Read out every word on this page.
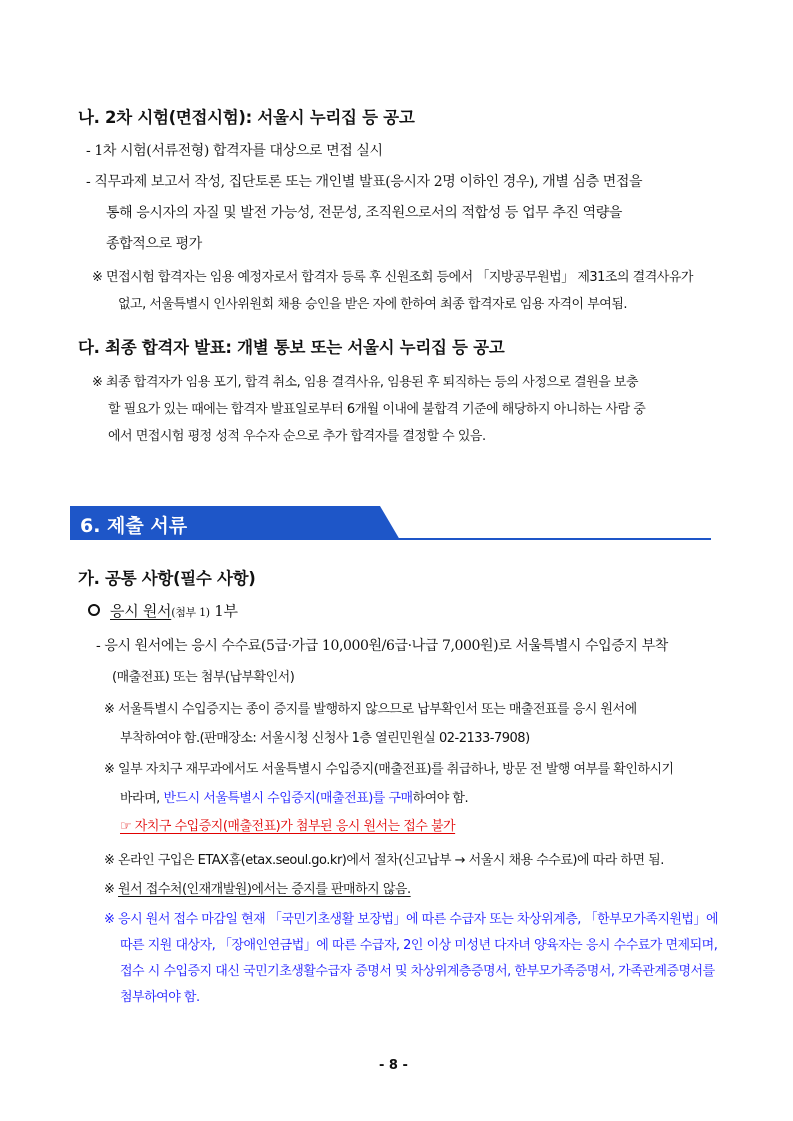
나. 2차 시험(면접시험): 서울시 누리집 등 공고
- 1차 시험(서류전형) 합격자를 대상으로 면접 실시
- 직무과제 보고서 작성, 집단토론 또는 개인별 발표(응시자 2명 이하인 경우), 개별 심층 면접을
통해 응시자의 자질 및 발전 가능성, 전문성, 조직원으로서의 적합성 등 업무 추진 역량을
종합적으로 평가
※ 면접시험 합격자는 임용 예정자로서 합격자 등록 후 신원조회 등에서 「지방공무원법」 제31조의 결격사유가
없고, 서울특별시 인사위원회 채용 승인을 받은 자에 한하여 최종 합격자로 임용 자격이 부여됨.
다. 최종 합격자 발표: 개별 통보 또는 서울시 누리집 등 공고
※ 최종 합격자가 임용 포기, 합격 취소, 임용 결격사유, 임용된 후 퇴직하는 등의 사정으로 결원을 보충
할 필요가 있는 때에는 합격자 발표일로부터 6개월 이내에 불합격 기준에 해당하지 아니하는 사람 중
에서 면접시험 평정 성적 우수자 순으로 추가 합격자를 결정할 수 있음.
6. 제출 서류
가. 공통 사항(필수 사항)
응시 원서(첨부 1) 1부
- 응시 원서에는 응시 수수료(5급·가급 10,000원/6급·나급 7,000원)로 서울특별시 수입증지 부착
(매출전표) 또는 첨부(납부확인서)
※ 서울특별시 수입증지는 종이 증지를 발행하지 않으므로 납부확인서 또는 매출전표를 응시 원서에
부착하여야 함.(판매장소: 서울시청 신청사 1층 열린민원실 02-2133-7908)
※ 일부 자치구 재무과에서도 서울특별시 수입증지(매출전표)를 취급하나, 방문 전 발행 여부를 확인하시기
바라며, 반드시 서울특별시 수입증지(매출전표)를 구매하여야 함.
☞ 자치구 수입증지(매출전표)가 첨부된 응시 원서는 접수 불가
※ 온라인 구입은 ETAX홈(etax.seoul.go.kr)에서 절차(신고납부 → 서울시 채용 수수료)에 따라 하면 됨.
※ 원서 접수처(인재개발원)에서는 증지를 판매하지 않음.
※ 응시 원서 접수 마감일 현재 「국민기초생활 보장법」에 따른 수급자 또는 차상위계층, 「한부모가족지원법」에
따른 지원 대상자, 「장애인연금법」에 따른 수급자, 2인 이상 미성년 다자녀 양육자는 응시 수수료가 면제되며,
접수 시 수입증지 대신 국민기초생활수급자 증명서 및 차상위계층증명서, 한부모가족증명서, 가족관계증명서를
첨부하여야 함.
- 8 -
